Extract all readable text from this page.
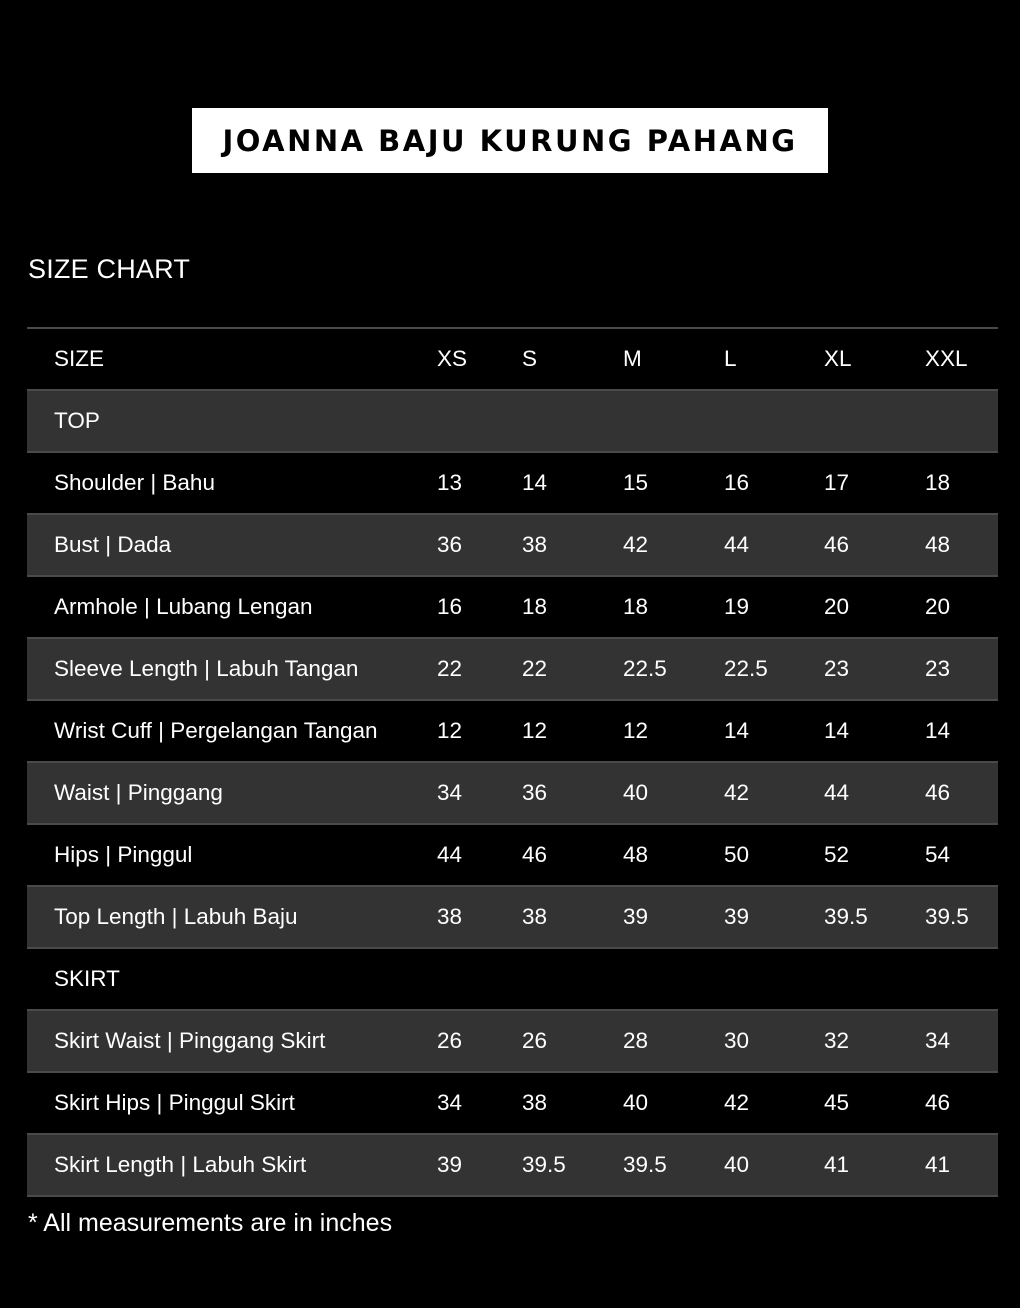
JOANNA BAJU KURUNG PAHANG
SIZE CHART
SIZE	XS	S	M	L	XL	XXL
TOP						
Shoulder | Bahu	13	14	15	16	17	18
Bust | Dada	36	38	42	44	46	48
Armhole | Lubang Lengan	16	18	18	19	20	20
Sleeve Length | Labuh Tangan	22	22	22.5	22.5	23	23
Wrist Cuff | Pergelangan Tangan	12	12	12	14	14	14
Waist | Pinggang	34	36	40	42	44	46
Hips | Pinggul	44	46	48	50	52	54
Top Length | Labuh Baju	38	38	39	39	39.5	39.5
SKIRT						
Skirt Waist | Pinggang Skirt	26	26	28	30	32	34
Skirt Hips | Pinggul Skirt	34	38	40	42	45	46
Skirt Length | Labuh Skirt	39	39.5	39.5	40	41	41
* All measurements are in inches
